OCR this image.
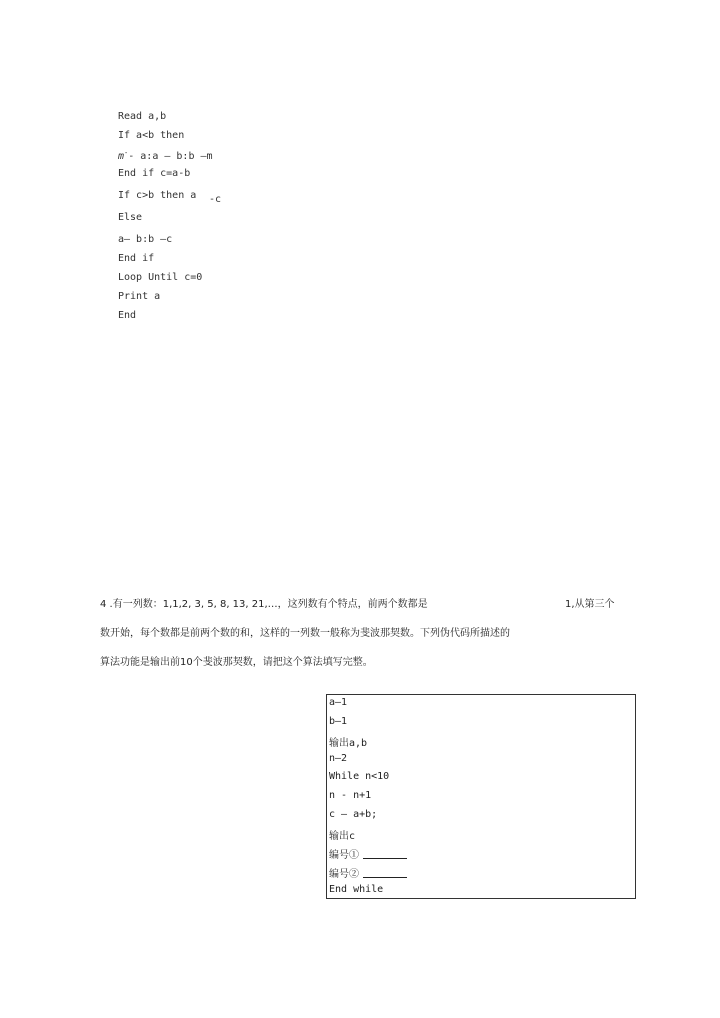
Read a,b
If a<b then
m-- a:a — b:b —m
End if c=a-b
If c>b then a -c
Else
a— b:b —c
End if
Loop Until c=0
Print a
End
4 .有一列数：1,1,2, 3, 5, 8, 13, 21,…，这列数有个特点，前两个数都是	1,从第三个
数开始，每个数都是前两个数的和，这样的一列数一般称为斐波那契数。下列伪代码所描述的
算法功能是输出前10个斐波那契数，请把这个算法填写完整。
a—1
b—1
输出a,b
n—2
While n<10
n - n+1
c — a+b;
输出c
编号①
编号②
End while
